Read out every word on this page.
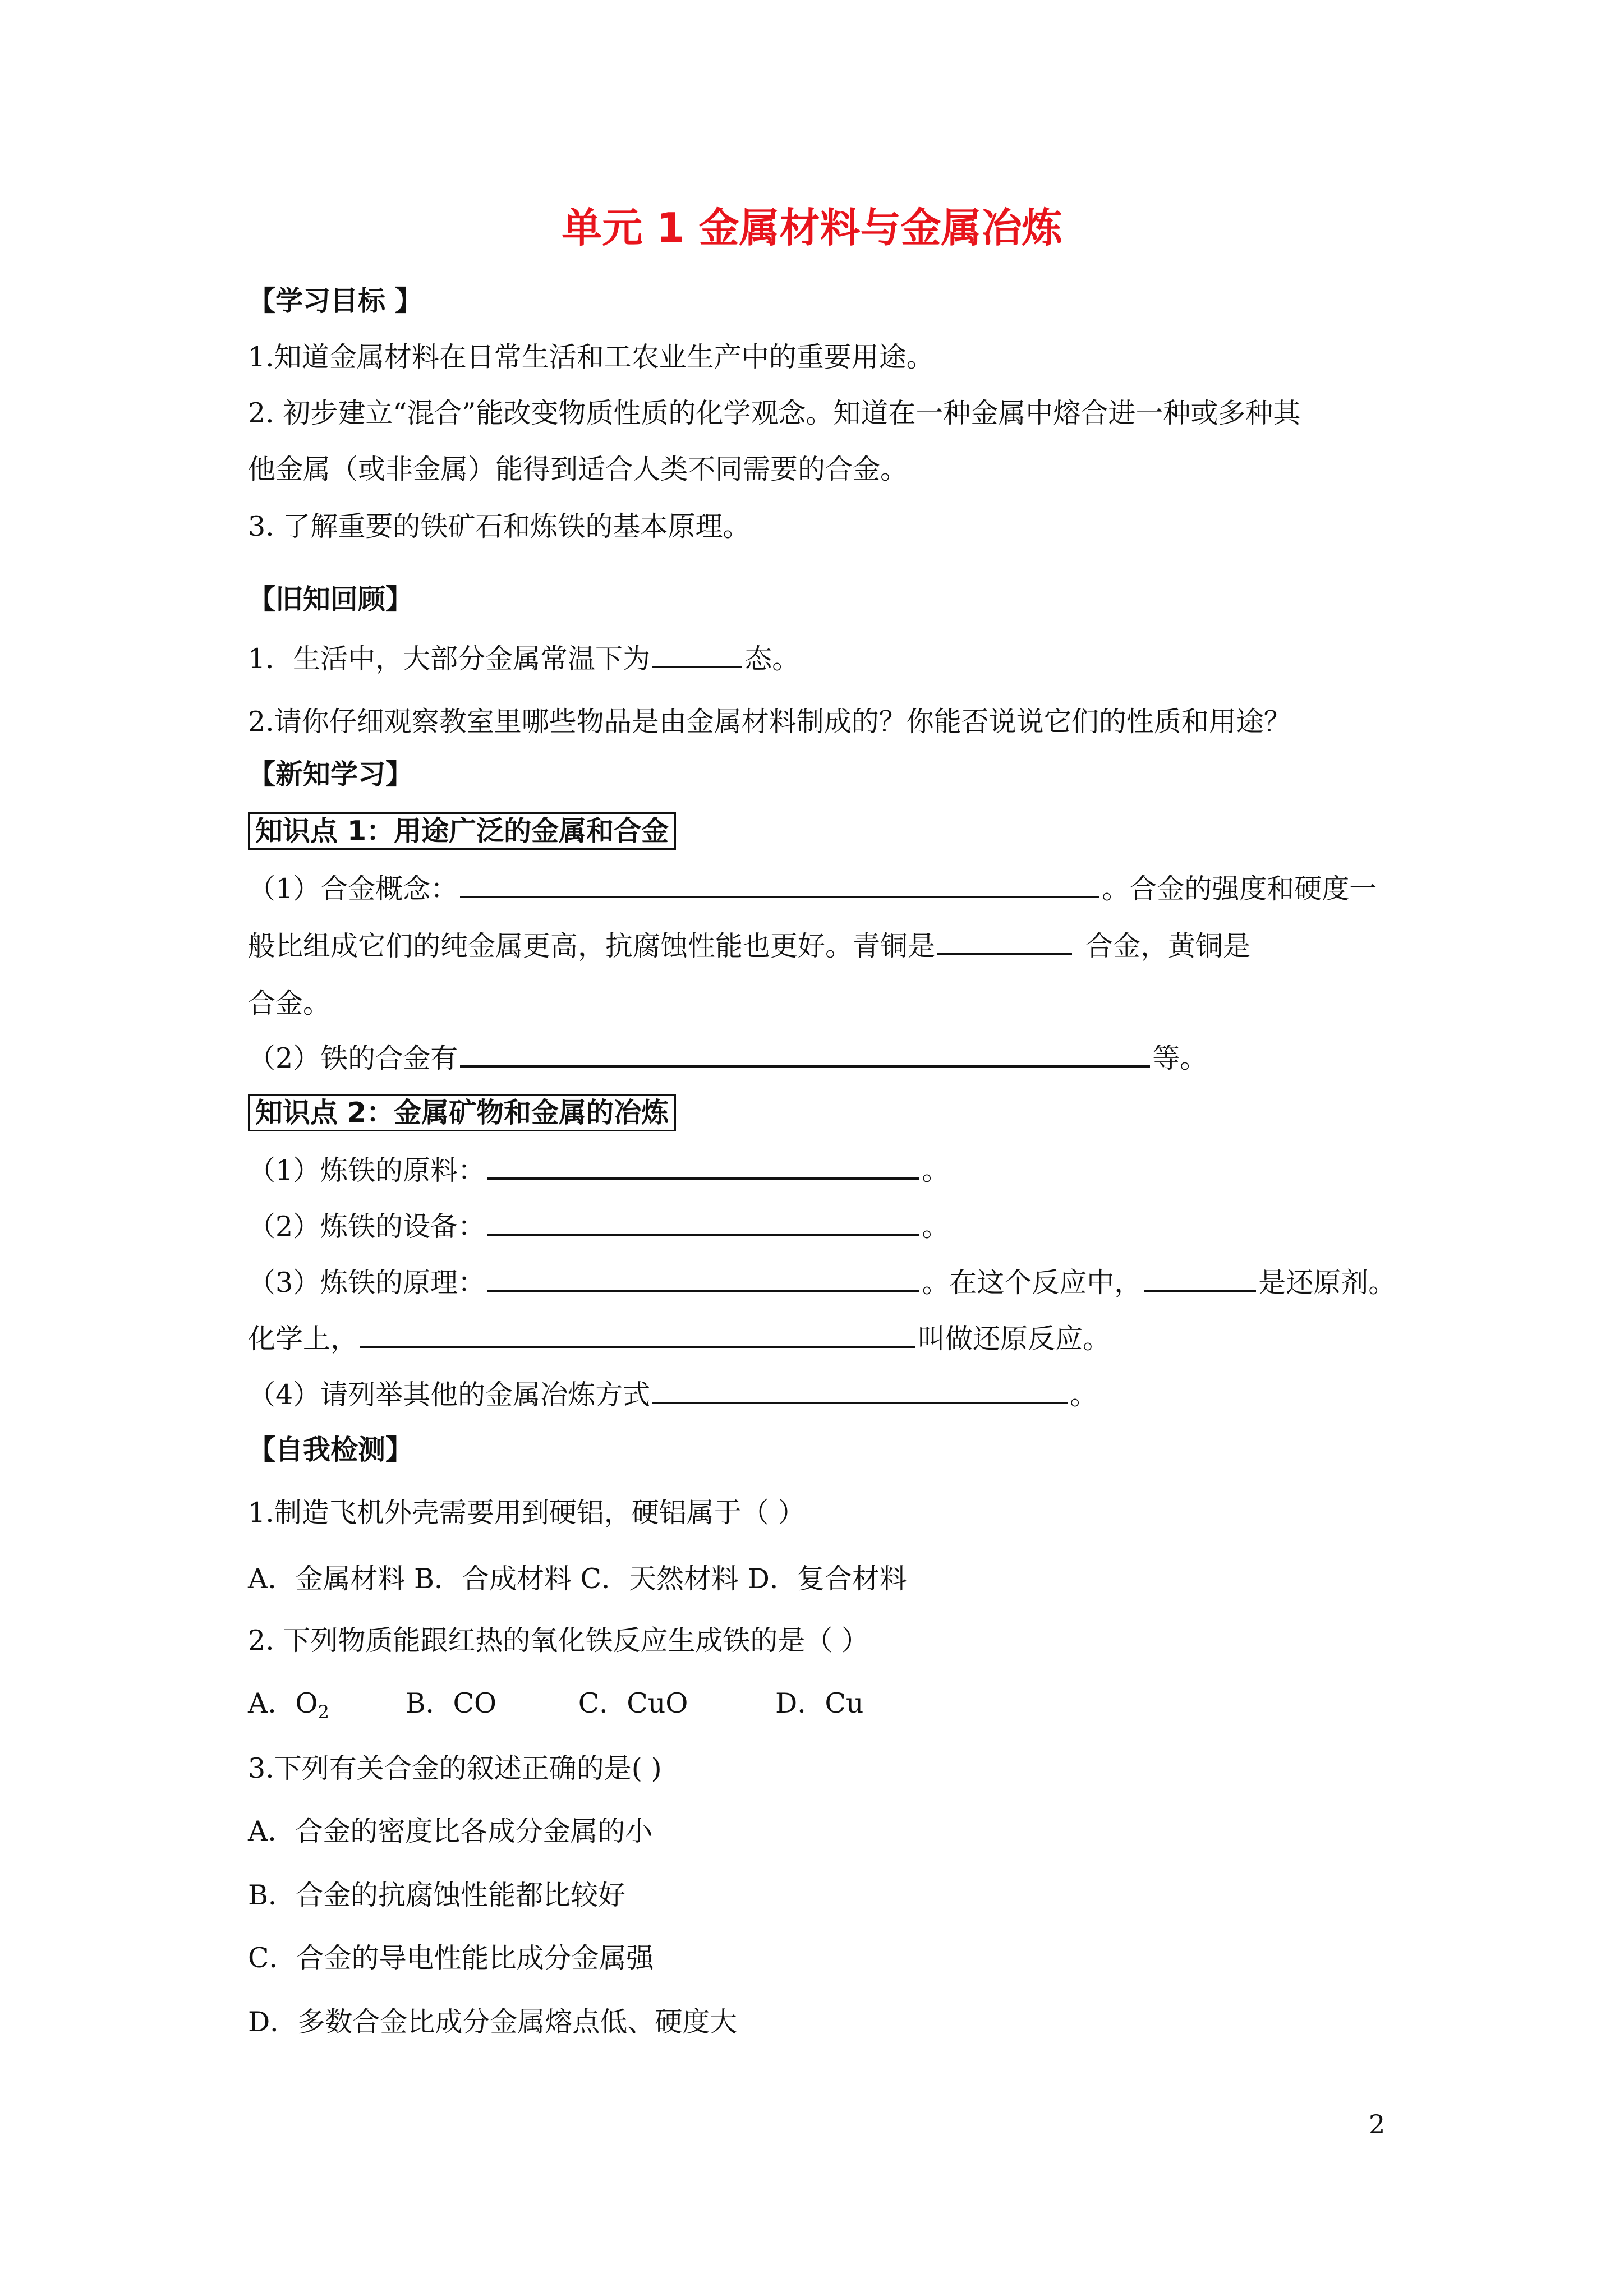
单元 1 金属材料与金属冶炼
【学习目标 】
1.知道金属材料在日常生活和工农业生产中的重要用途。
2. 初步建立“混合”能改变物质性质的化学观念。知道在一种金属中熔合进一种或多种其
他金属（或非金属）能得到适合人类不同需要的合金。
3. 了解重要的铁矿石和炼铁的基本原理。
【旧知回顾】
1．生活中，大部分金属常温下为	态。
2.请你仔细观察教室里哪些物品是由金属材料制成的？你能否说说它们的性质和用途？
【新知学习】
知识点 1：用途广泛的金属和合金
（1）合金概念：	。合金的强度和硬度一
般比组成它们的纯金属更高，抗腐蚀性能也更好。青铜是	合金，黄铜是
合金。
（2）铁的合金有	等。
知识点 2：金属矿物和金属的冶炼
（1）炼铁的原料：	。
（2）炼铁的设备：	。
（3）炼铁的原理：	。在这个反应中，	是还原剂。
化学上，	叫做还原反应。
（4）请列举其他的金属冶炼方式	。
【自我检测】
1.制造飞机外壳需要用到硬铝，硬铝属于（ ）
A．金属材料 B．合成材料 C．天然材料 D．复合材料
2. 下列物质能跟红热的氧化铁反应生成铁的是（ ）
A．$O_2$	B．CO	C．CuO	D．Cu
3.下列有关合金的叙述正确的是( )
A．合金的密度比各成分金属的小
B．合金的抗腐蚀性能都比较好
C．合金的导电性能比成分金属强
D．多数合金比成分金属熔点低、硬度大
2
